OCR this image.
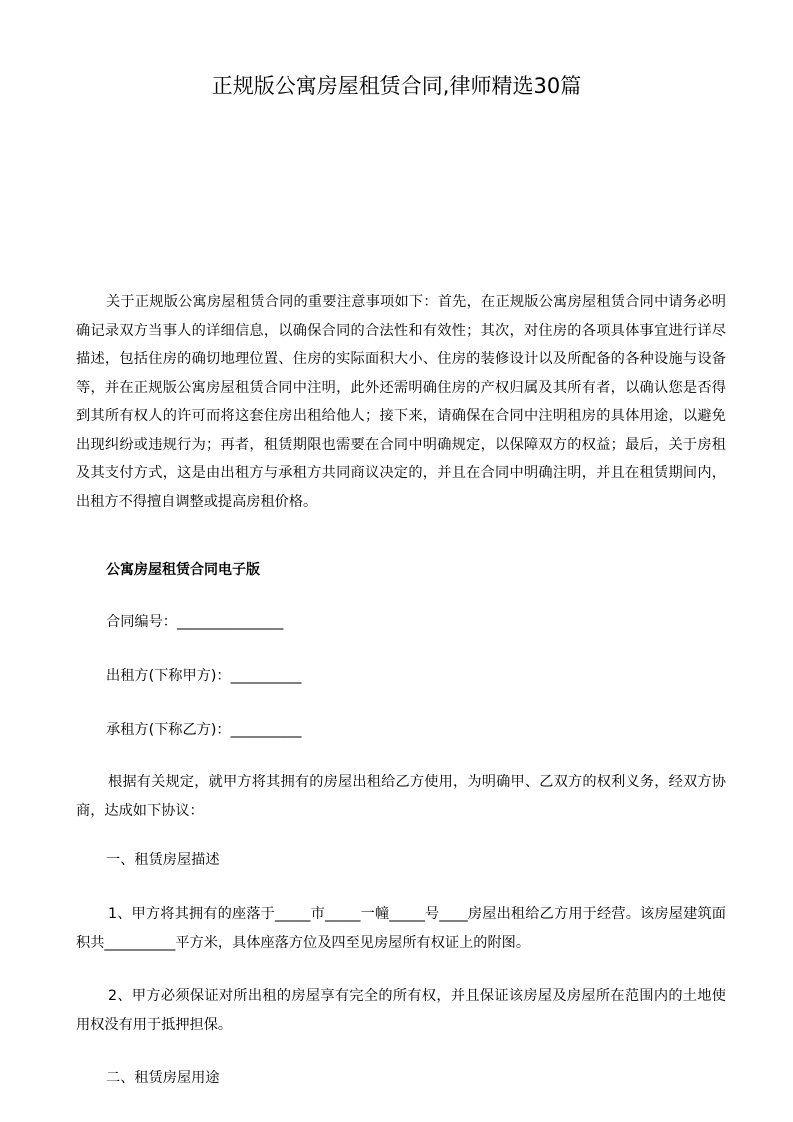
正规版公寓房屋租赁合同,律师精选30篇

关于正规版公寓房屋租赁合同的重要注意事项如下：首先，在正规版公寓房屋租赁合同中请务必明确记录双方当事人的详细信息，以确保合同的合法性和有效性；其次，对住房的各项具体事宜进行详尽描述，包括住房的确切地理位置、住房的实际面积大小、住房的装修设计以及所配备的各种设施与设备等，并在正规版公寓房屋租赁合同中注明，此外还需明确住房的产权归属及其所有者，以确认您是否得到其所有权人的许可而将这套住房出租给他人；接下来，请确保在合同中注明租房的具体用途，以避免出现纠纷或违规行为；再者，租赁期限也需要在合同中明确规定，以保障双方的权益；最后，关于房租及其支付方式，这是由出租方与承租方共同商议决定的，并且在合同中明确注明，并且在租赁期间内，出租方不得擅自调整或提高房租价格。

公寓房屋租赁合同电子版

合同编号：_______________

出租方(下称甲方)：__________

承租方(下称乙方)：__________

根据有关规定，就甲方将其拥有的房屋出租给乙方使用，为明确甲、乙双方的权利义务，经双方协商，达成如下协议：

一、租赁房屋描述

1、甲方将其拥有的座落于_____市_____一幢_____号____房屋出租给乙方用于经营。该房屋建筑面积共__________平方米，具体座落方位及四至见房屋所有权证上的附图。

2、甲方必须保证对所出租的房屋享有完全的所有权，并且保证该房屋及房屋所在范围内的土地使用权没有用于抵押担保。

二、租赁房屋用途
